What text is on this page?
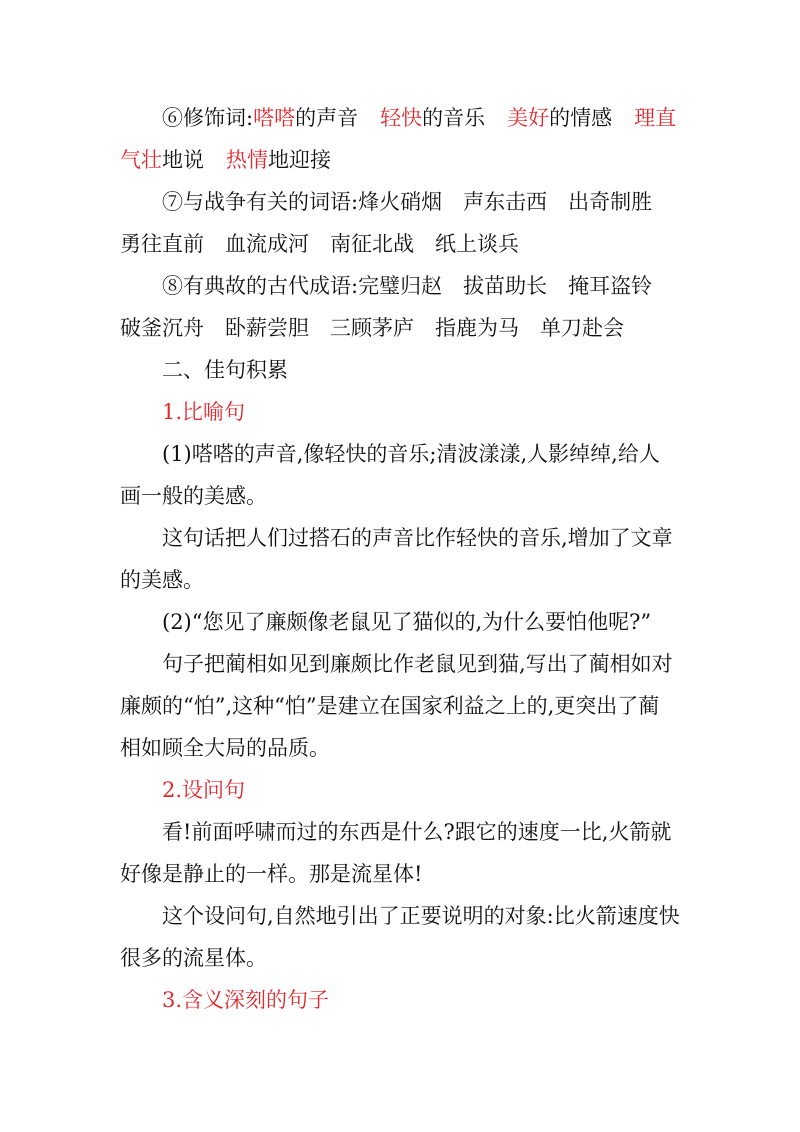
⑥修饰词:嗒嗒的声音 轻快的音乐 美好的情感 理直气壮地说 热情地迎接

⑦与战争有关的词语:烽火硝烟　声东击西　出奇制胜　勇往直前　血流成河　南征北战　纸上谈兵

⑧有典故的古代成语:完璧归赵　拔苗助长　掩耳盗铃　破釜沉舟　卧薪尝胆　三顾茅庐　指鹿为马　单刀赴会

二、佳句积累

1.比喻句

(1)嗒嗒的声音,像轻快的音乐;清波漾漾,人影绰绰,给人画一般的美感。

这句话把人们过搭石的声音比作轻快的音乐,增加了文章的美感。

(2)“您见了廉颇像老鼠见了猫似的,为什么要怕他呢?”

句子把蔺相如见到廉颇比作老鼠见到猫,写出了蔺相如对廉颇的“怕”,这种“怕”是建立在国家利益之上的,更突出了蔺相如顾全大局的品质。

2.设问句

看!前面呼啸而过的东西是什么?跟它的速度一比,火箭就好像是静止的一样。那是流星体!

这个设问句,自然地引出了正要说明的对象:比火箭速度快很多的流星体。

3.含义深刻的句子
